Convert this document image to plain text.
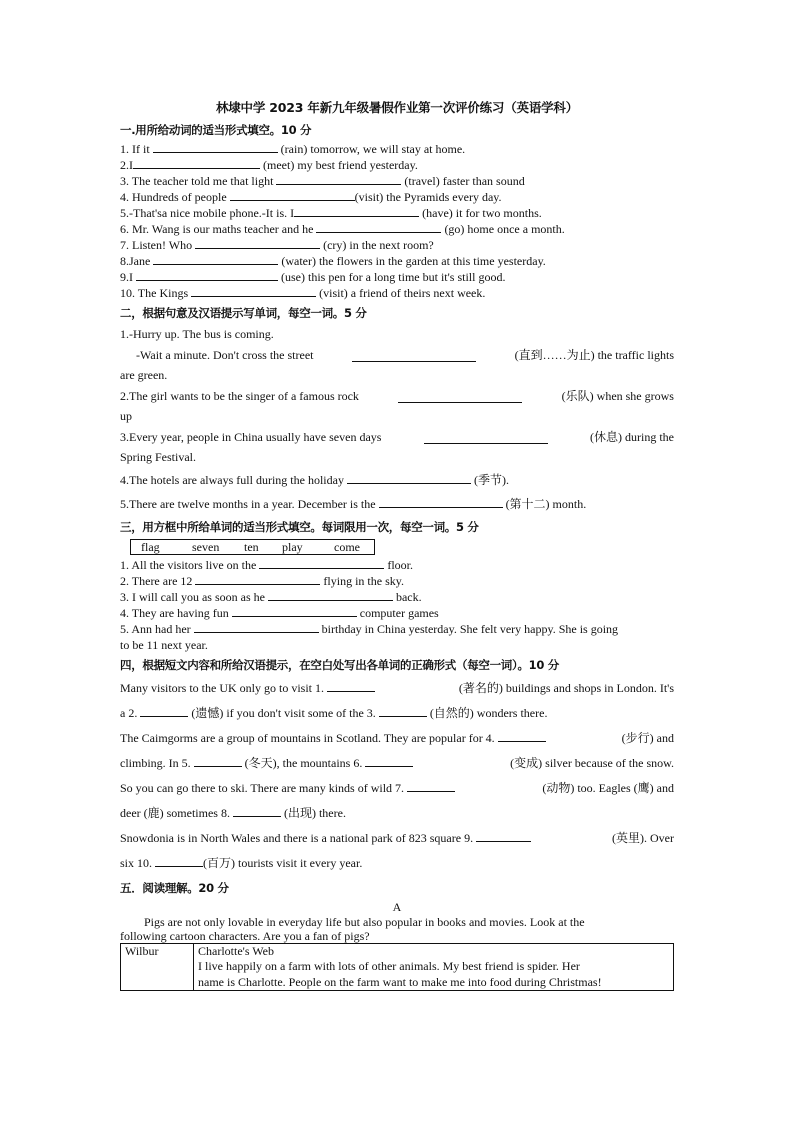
林埭中学 2023 年新九年级暑假作业第一次评价练习（英语学科）
一.用所给动词的适当形式填空。10 分
1. If it	(rain) tomorrow, we will stay at home.
2.I	(meet) my best friend yesterday.
3. The teacher told me that light	(travel) faster than sound
4. Hundreds of people	(visit) the Pyramids every day.
5.-That'sa nice mobile phone.-It is. I	(have) it for two months.
6. Mr. Wang is our maths teacher and he	(go) home once a month.
7. Listen! Who	(cry) in the next room?
8.Jane	(water) the flowers in the garden at this time yesterday.
9.I	(use) this pen for a long time but it's still good.
10. The Kings	(visit) a friend of theirs next week.
二，根据句意及汉语提示写单词，每空一词。5 分
1.-Hurry up. The bus is coming.
-Wait a minute. Don't cross the street	(直到……为止) the traffic lights
are green.
2.The girl wants to be the singer of a famous rock	(乐队) when she grows
up
3.Every year, people in China usually have seven days	(休息) during the
Spring Festival.
4.The hotels are always full during the holiday	(季节).
5.There are twelve months in a year. December is the	(第十二) month.
三，用方框中所给单词的适当形式填空。每词限用一次，每空一词。5 分
flag	seven	ten	play	come
1. All the visitors live on the	floor.
2. There are 12	flying in the sky.
3. I will call you as soon as he	back.
4. They are having fun	computer games
5. Ann had her	birthday in China yesterday. She felt very happy. She is going
to be 11 next year.
四，根据短文内容和所给汉语提示，在空白处写出各单词的正确形式（每空一词）。10 分
Many visitors to the UK only go to visit 1.	(著名的) buildings and shops in London. It's
a 2.	(遗憾) if you don't visit some of the 3.	(自然的) wonders there.
The Caimgorms are a group of mountains in Scotland. They are popular for 4.	(步行) and
climbing. In 5.	(冬天), the mountains 6.	(变成) silver because of the snow.
So you can go there to ski. There are many kinds of wild 7.	(动物) too. Eagles (鹰) and
deer (鹿) sometimes 8.	(出现) there.
Snowdonia is in North Wales and there is a national park of 823 square 9.	(英里). Over
six 10.	(百万) tourists visit it every year.
五．阅读理解。20 分
A
Pigs are not only lovable in everyday life but also popular in books and movies. Look at the
following cartoon characters. Are you a fan of pigs?
Wilbur	Charlotte's Web
I live happily on a farm with lots of other animals. My best friend is spider. Her
name is Charlotte. People on the farm want to make me into food during Christmas!
